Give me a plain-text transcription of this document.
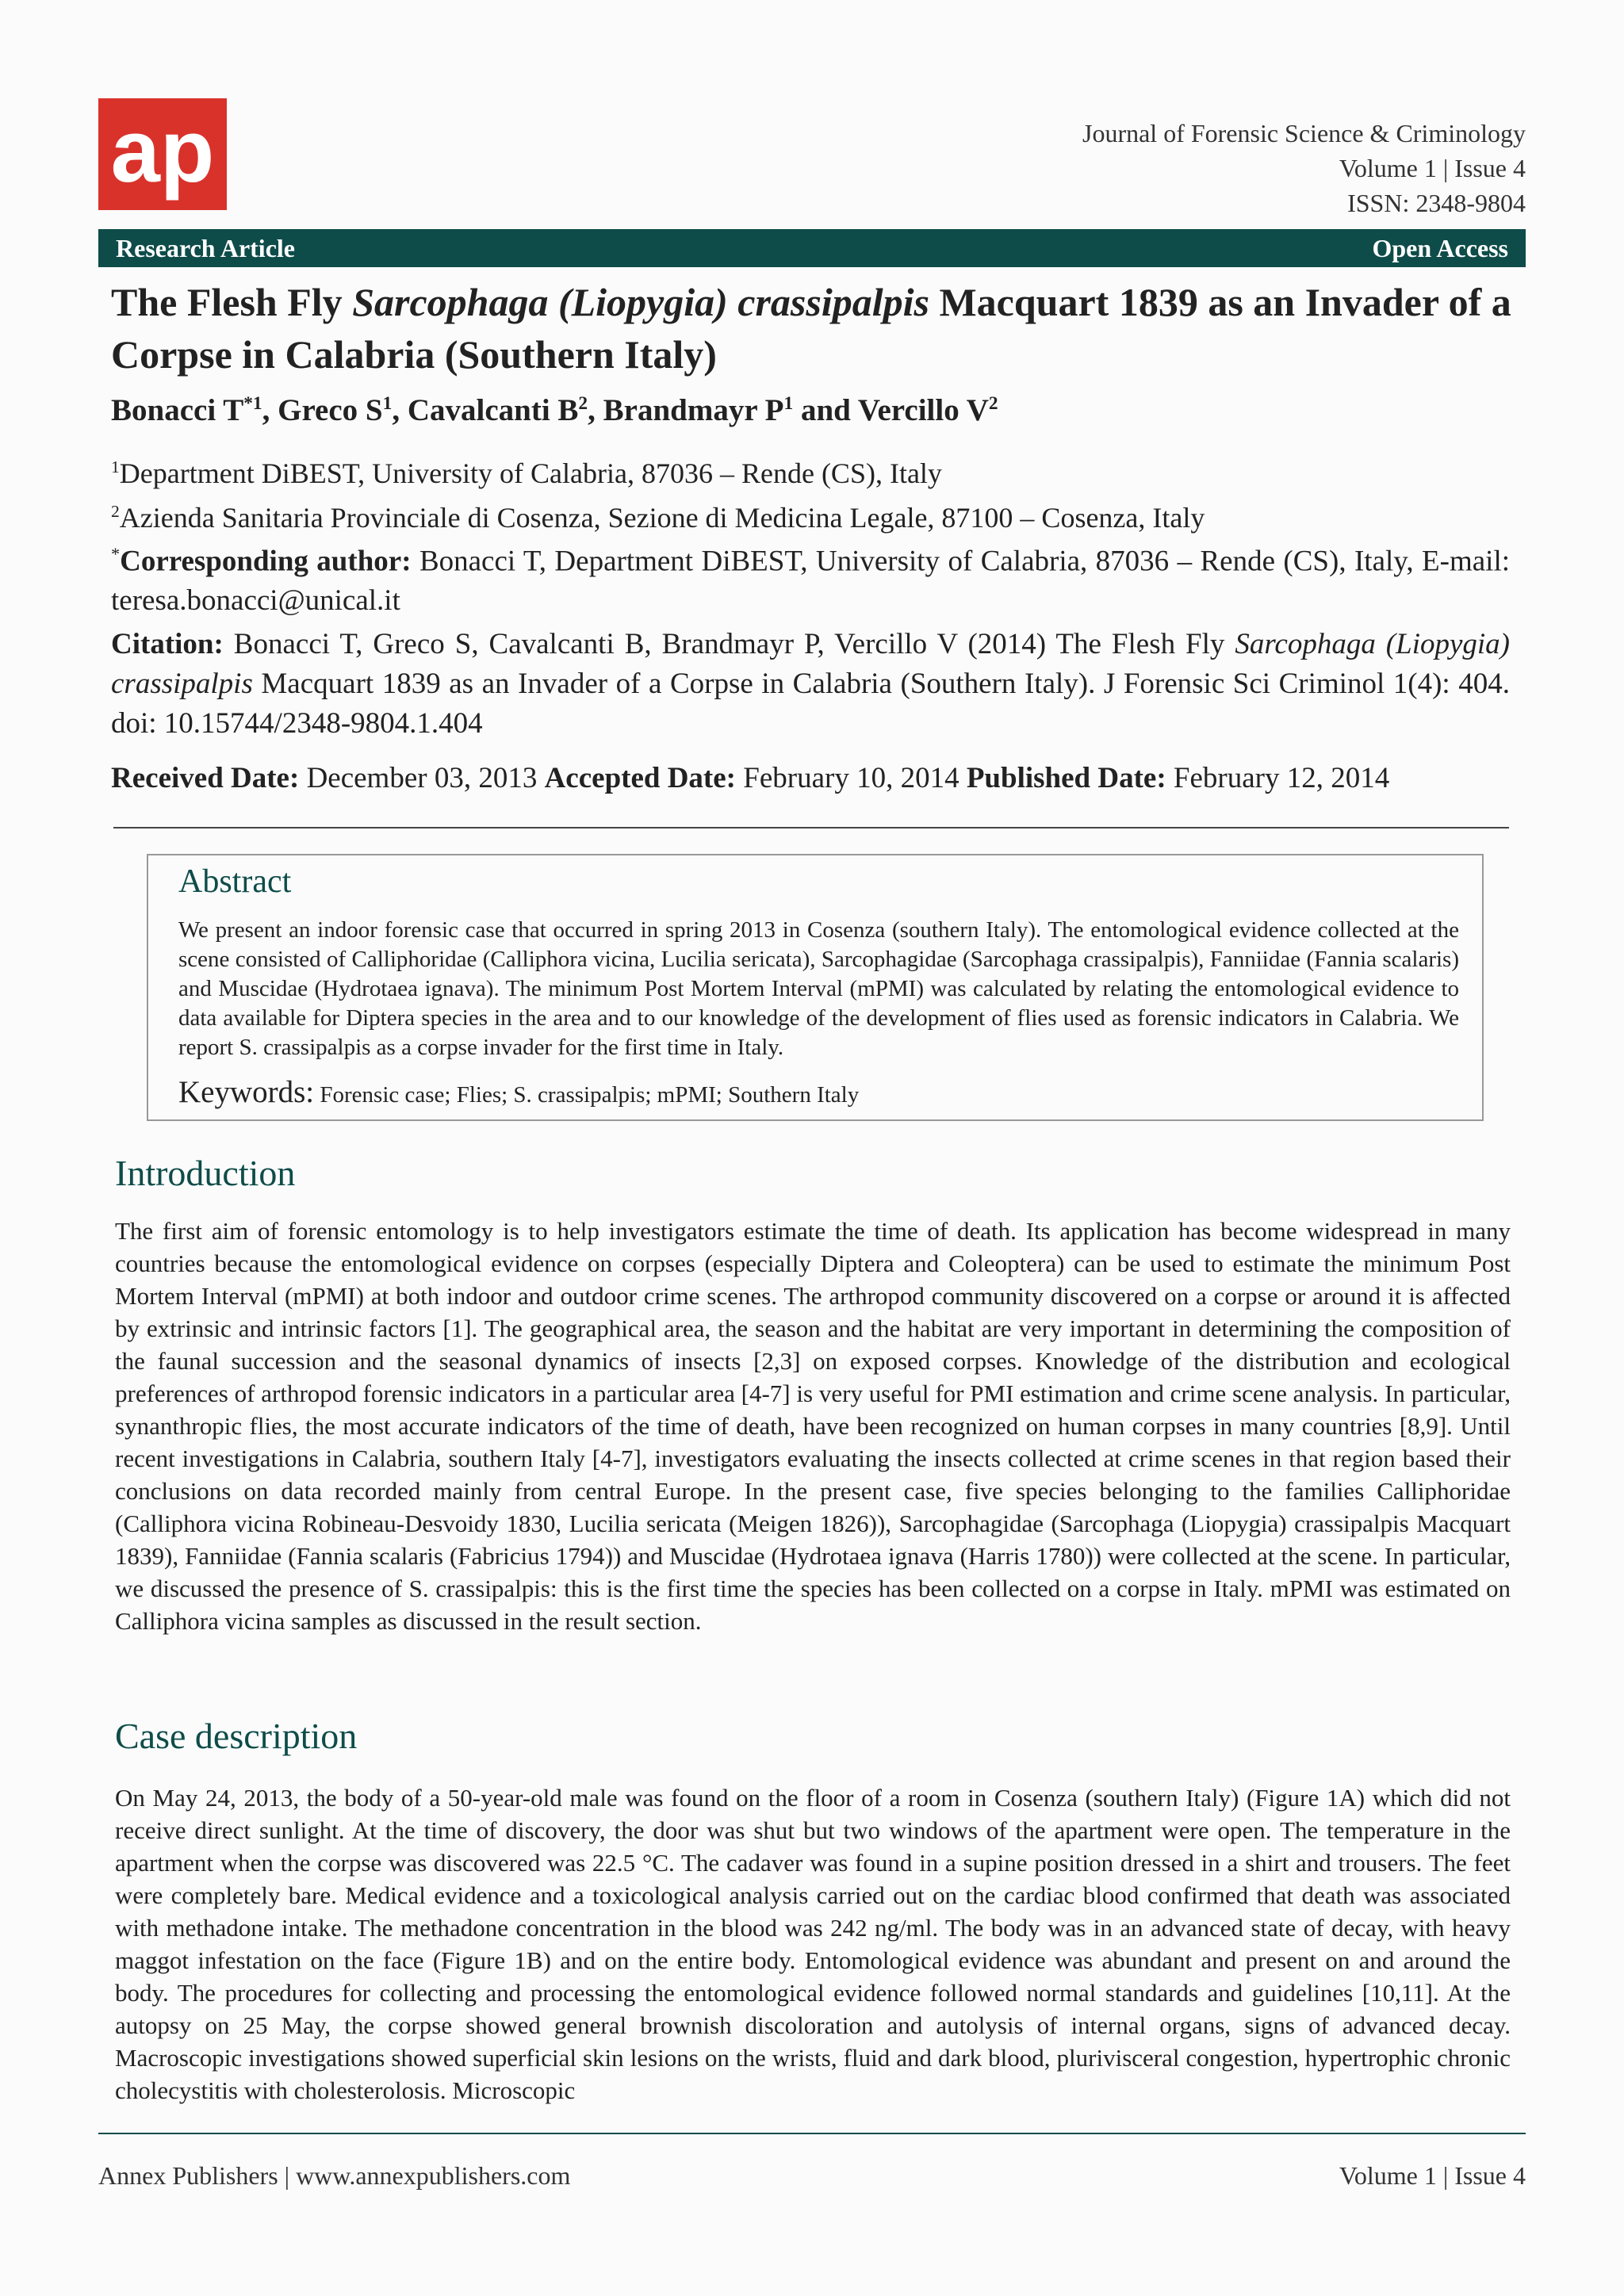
ap	Journal of Forensic Science & Criminology
Volume 1 | Issue 4
ISSN: 2348-9804
Research Article	Open Access
The Flesh Fly Sarcophaga (Liopygia) crassipalpis Macquart 1839 as an Invader of a Corpse in Calabria (Southern Italy)
Bonacci $T^{*1}$, Greco $S^1$, Cavalcanti $B^2$, Brandmayr $P^1$ and Vercillo $V^2$
$^1$Department DiBEST, University of Calabria, 87036 – Rende (CS), Italy
$^2$Azienda Sanitaria Provinciale di Cosenza, Sezione di Medicina Legale, 87100 – Cosenza, Italy
*Corresponding author: Bonacci T, Department DiBEST, University of Calabria, 87036 – Rende (CS), Italy, E-mail: teresa.bonacci@unical.it
Citation: Bonacci T, Greco S, Cavalcanti B, Brandmayr P, Vercillo V (2014) The Flesh Fly Sarcophaga (Liopygia) crassipalpis Macquart 1839 as an Invader of a Corpse in Calabria (Southern Italy). J Forensic Sci Criminol 1(4): 404. doi: 10.15744/2348-9804.1.404
Received Date: December 03, 2013 Accepted Date: February 10, 2014 Published Date: February 12, 2014
Abstract
We present an indoor forensic case that occurred in spring 2013 in Cosenza (southern Italy). The entomological evidence collected at the scene consisted of Calliphoridae (Calliphora vicina, Lucilia sericata), Sarcophagidae (Sarcophaga crassipalpis), Fanniidae (Fannia scalaris) and Muscidae (Hydrotaea ignava). The minimum Post Mortem Interval (mPMI) was calculated by relating the entomological evidence to data available for Diptera species in the area and to our knowledge of the development of flies used as forensic indicators in Calabria. We report S. crassipalpis as a corpse invader for the first time in Italy.
Keywords: Forensic case; Flies; S. crassipalpis; mPMI; Southern Italy
Introduction
The first aim of forensic entomology is to help investigators estimate the time of death. Its application has become widespread in many countries because the entomological evidence on corpses (especially Diptera and Coleoptera) can be used to estimate the minimum Post Mortem Interval (mPMI) at both indoor and outdoor crime scenes. The arthropod community discovered on a corpse or around it is affected by extrinsic and intrinsic factors [1]. The geographical area, the season and the habitat are very important in determining the composition of the faunal succession and the seasonal dynamics of insects [2,3] on exposed corpses. Knowledge of the distribution and ecological preferences of arthropod forensic indicators in a particular area [4-7] is very useful for PMI estimation and crime scene analysis. In particular, synanthropic flies, the most accurate indicators of the time of death, have been recognized on human corpses in many countries [8,9]. Until recent investigations in Calabria, southern Italy [4-7], investigators evaluating the insects collected at crime scenes in that region based their conclusions on data recorded mainly from central Europe. In the present case, five species belonging to the families Calliphoridae (Calliphora vicina Robineau-Desvoidy 1830, Lucilia sericata (Meigen 1826)), Sarcophagidae (Sarcophaga (Liopygia) crassipalpis Macquart 1839), Fanniidae (Fannia scalaris (Fabricius 1794)) and Muscidae (Hydrotaea ignava (Harris 1780)) were collected at the scene. In particular, we discussed the presence of S. crassipalpis: this is the first time the species has been collected on a corpse in Italy. mPMI was estimated on Calliphora vicina samples as discussed in the result section.
Case description
On May 24, 2013, the body of a 50-year-old male was found on the floor of a room in Cosenza (southern Italy) (Figure 1A) which did not receive direct sunlight. At the time of discovery, the door was shut but two windows of the apartment were open. The temperature in the apartment when the corpse was discovered was 22.5 °C. The cadaver was found in a supine position dressed in a shirt and trousers. The feet were completely bare. Medical evidence and a toxicological analysis carried out on the cardiac blood confirmed that death was associated with methadone intake. The methadone concentration in the blood was 242 ng/ml. The body was in an advanced state of decay, with heavy maggot infestation on the face (Figure 1B) and on the entire body. Entomological evidence was abundant and present on and around the body. The procedures for collecting and processing the entomological evidence followed normal standards and guidelines [10,11]. At the autopsy on 25 May, the corpse showed general brownish discoloration and autolysis of internal organs, signs of advanced decay. Macroscopic investigations showed superficial skin lesions on the wrists, fluid and dark blood, plurivisceral congestion, hypertrophic chronic cholecystitis with cholesterolosis. Microscopic
Annex Publishers | www.annexpublishers.com	Volume 1 | Issue 4
